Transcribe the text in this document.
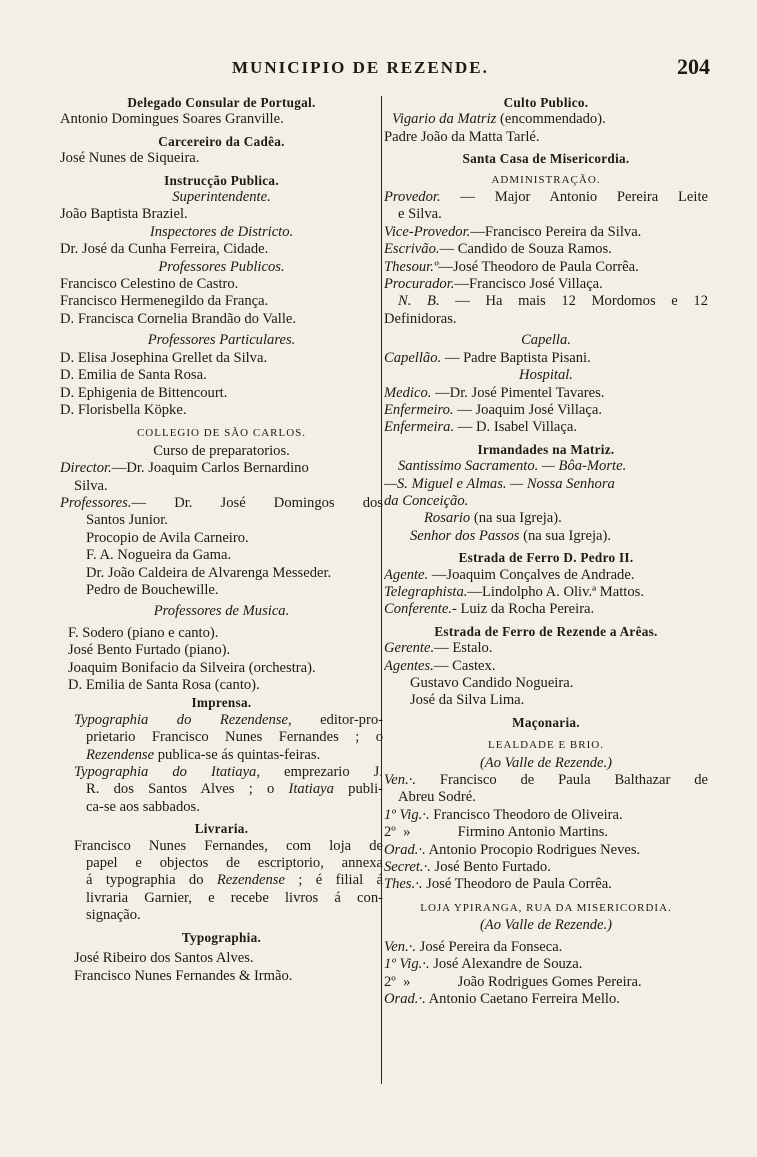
MUNICIPIO DE REZENDE.	204
Delegado Consular de Portugal.
Antonio Domingues Soares Granville.
Carcereiro da Cadêa.
José Nunes de Siqueira.
Instrucção Publica.
Superintendente.
João Baptista Braziel.
Inspectores de Districto.
Dr. José da Cunha Ferreira, Cidade.
Professores Publicos.
Francisco Celestino de Castro.
Francisco Hermenegildo da França.
D. Francisca Cornelia Brandão do Valle.
Professores Particulares.
D. Elisa Josephina Grellet da Silva.
D. Emilia de Santa Rosa.
D. Ephigenia de Bittencourt.
D. Florisbella Köpke.
COLLEGIO DE SÃO CARLOS.
Curso de preparatorios.
Director.—Dr. Joaquim Carlos Bernardino
Silva.
Professores.— Dr. José Domingos dos
Santos Junior.
Procopio de Avila Carneiro.
F. A. Nogueira da Gama.
Dr. João Caldeira de Alvarenga Messeder.
Pedro de Bouchewille.
Professores de Musica.
F. Sodero (piano e canto).
José Bento Furtado (piano).
Joaquim Bonifacio da Silveira (orchestra).
D. Emilia de Santa Rosa (canto).
Imprensa.
Typographia do Rezendense, editor-pro-
prietario Francisco Nunes Fernandes ; o
Rezendense publica-se ás quintas-feiras.
Typographia do Itatiaya, emprezario J.
R. dos Santos Alves ; o Itatiaya publi-
ca-se aos sabbados.
Livraria.
Francisco Nunes Fernandes, com loja de
papel e objectos de escriptorio, annexa
á typographia do Rezendense ; é filial á
livraria Garnier, e recebe livros á con-
signação.
Typographia.
José Ribeiro dos Santos Alves.
Francisco Nunes Fernandes & Irmão.
Culto Publico.
Vigario da Matriz (encommendado).
Padre João da Matta Tarlé.
Santa Casa de Misericordia.
ADMINISTRAÇÃO.
Provedor. — Major Antonio Pereira Leite
e Silva.
Vice-Provedor.—Francisco Pereira da Silva.
Escrivão.— Candido de Souza Ramos.
Thesour.º—José Theodoro de Paula Corrêa.
Procurador.—Francisco José Villaça.
N. B. — Ha mais 12 Mordomos e 12
Definidoras.
Capella.
Capellão. — Padre Baptista Pisani.
Hospital.
Medico. —Dr. José Pimentel Tavares.
Enfermeiro. — Joaquim José Villaça.
Enfermeira. — D. Isabel Villaça.
Irmandades na Matriz.
Santissimo Sacramento. — Bôa-Morte.
—S. Miguel e Almas. — Nossa Senhora
da Conceição.
Rosario (na sua Igreja).
Senhor dos Passos (na sua Igreja).
Estrada de Ferro D. Pedro II.
Agente. —Joaquim Conçalves de Andrade.
Telegraphista.—Lindolpho A. Oliv.ª Mattos.
Conferente.- Luiz da Rocha Pereira.
Estrada de Ferro de Rezende a Arêas.
Gerente.— Estalo.
Agentes.— Castex.
Gustavo Candido Nogueira.
José da Silva Lima.
Maçonaria.
LEALDADE E BRIO.
(Ao Valle de Rezende.)
Ven.·. Francisco de Paula Balthazar de
Abreu Sodré.
1º Vig.·. Francisco Theodoro de Oliveira.
2º  »	Firmino Antonio Martins.
Orad.·. Antonio Procopio Rodrigues Neves.
Secret.·. José Bento Furtado.
Thes.·. José Theodoro de Paula Corrêa.
LOJA YPIRANGA, RUA DA MISERICORDIA.
(Ao Valle de Rezende.)
Ven.·. José Pereira da Fonseca.
1º Vig.·. José Alexandre de Souza.
2º  »	João Rodrigues Gomes Pereira.
Orad.·. Antonio Caetano Ferreira Mello.
